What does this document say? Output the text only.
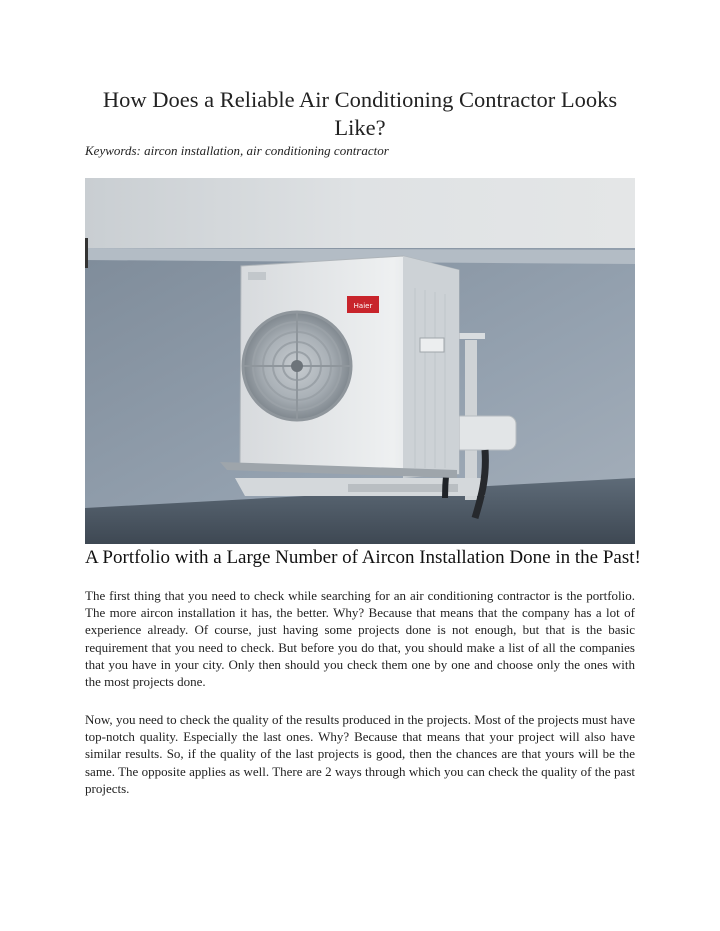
How Does a Reliable Air Conditioning Contractor Looks Like?
Keywords: aircon installation, air conditioning contractor
Haier
A Portfolio with a Large Number of Aircon Installation Done in the Past!

The first thing that you need to check while searching for an air conditioning contractor is the portfolio. The more aircon installation it has, the better. Why? Because that means that the company has a lot of experience already. Of course, just having some projects done is not enough, but that is the basic requirement that you need to check. But before you do that, you should make a list of all the companies that you have in your city. Only then should you check them one by one and choose only the ones with the most projects done.

Now, you need to check the quality of the results produced in the projects. Most of the projects must have top-notch quality. Especially the last ones. Why? Because that means that your project will also have similar results. So, if the quality of the last projects is good, then the chances are that yours will be the same. The opposite applies as well. There are 2 ways through which you can check the quality of the past projects.
